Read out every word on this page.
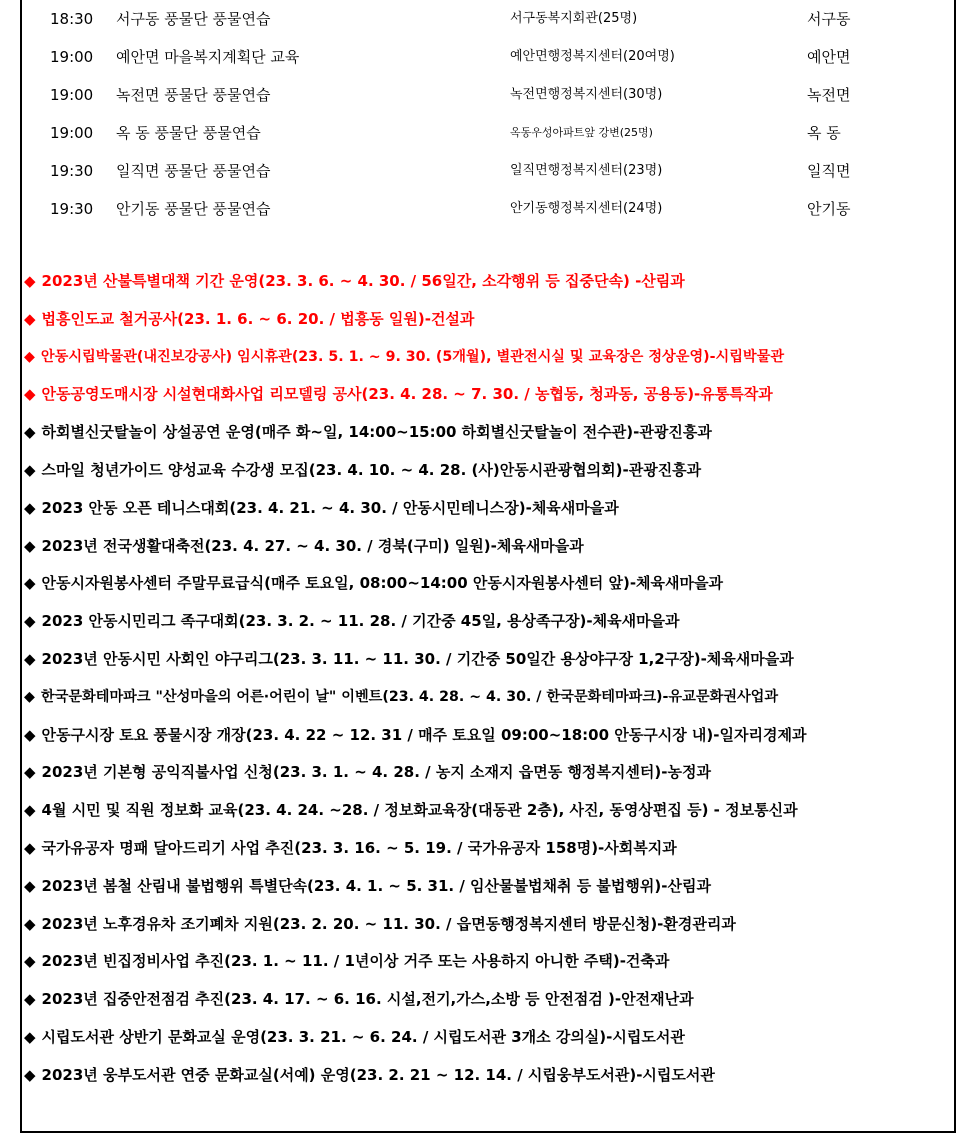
18:30 서구동 풍물단 풍물연습	서구동복지회관(25명)	서구동
19:00 예안면 마을복지계획단 교육	예안면행정복지센터(20여명)	예안면
19:00 녹전면 풍물단 풍물연습	녹전면행정복지센터(30명)	녹전면
19:00 옥 동 풍물단 풍물연습	옥동우성아파트앞 강변(25명)	옥 동
19:30 일직면 풍물단 풍물연습	일직면행정복지센터(23명)	일직면
19:30 안기동 풍물단 풍물연습	안기동행정복지센터(24명)	안기동
◆ 2023년 산불특별대책 기간 운영(23. 3. 6. ~ 4. 30. / 56일간, 소각행위 등 집중단속) -산림과
◆ 법흥인도교 철거공사(23. 1. 6. ~ 6. 20. / 법흥동 일원)-건설과
◆ 안동시립박물관(내진보강공사) 임시휴관(23. 5. 1. ~ 9. 30. (5개월), 별관전시실 및 교육장은 정상운영)-시립박물관
◆ 안동공영도매시장 시설현대화사업 리모델링 공사(23. 4. 28. ~ 7. 30. / 농협동, 청과동, 공용동)-유통특작과
◆ 하회별신굿탈놀이 상설공연 운영(매주 화~일, 14:00~15:00 하회별신굿탈놀이 전수관)-관광진흥과
◆ 스마일 청년가이드 양성교육 수강생 모집(23. 4. 10. ~ 4. 28. (사)안동시관광협의회)-관광진흥과
◆ 2023 안동 오픈 테니스대회(23. 4. 21. ~ 4. 30. / 안동시민테니스장)-체육새마을과
◆ 2023년 전국생활대축전(23. 4. 27. ~ 4. 30. / 경북(구미) 일원)-체육새마을과
◆ 안동시자원봉사센터 주말무료급식(매주 토요일, 08:00~14:00 안동시자원봉사센터 앞)-체육새마을과
◆ 2023 안동시민리그 족구대회(23. 3. 2. ~ 11. 28. / 기간중 45일, 용상족구장)-체육새마을과
◆ 2023년 안동시민 사회인 야구리그(23. 3. 11. ~ 11. 30. / 기간중 50일간 용상야구장 1,2구장)-체육새마을과
◆ 한국문화테마파크 "산성마을의 어른·어린이 날" 이벤트(23. 4. 28. ~ 4. 30. / 한국문화테마파크)-유교문화권사업과
◆ 안동구시장 토요 풍물시장 개장(23. 4. 22 ~ 12. 31 / 매주 토요일 09:00~18:00 안동구시장 내)-일자리경제과
◆ 2023년 기본형 공익직불사업 신청(23. 3. 1. ~ 4. 28. / 농지 소재지 읍면동 행정복지센터)-농정과
◆ 4월 시민 및 직원 정보화 교육(23. 4. 24. ~28. / 정보화교육장(대동관 2층), 사진, 동영상편집 등) - 정보통신과
◆ 국가유공자 명패 달아드리기 사업 추진(23. 3. 16. ~ 5. 19. / 국가유공자 158명)-사회복지과
◆ 2023년 봄철 산림내 불법행위 특별단속(23. 4. 1. ~ 5. 31. / 임산물불법채취 등 불법행위)-산림과
◆ 2023년 노후경유차 조기폐차 지원(23. 2. 20. ~ 11. 30. / 읍면동행정복지센터 방문신청)-환경관리과
◆ 2023년 빈집정비사업 추진(23. 1. ~ 11. / 1년이상 거주 또는 사용하지 아니한 주택)-건축과
◆ 2023년 집중안전점검 추진(23. 4. 17. ~ 6. 16. 시설,전기,가스,소방 등 안전점검 )-안전재난과
◆ 시립도서관 상반기 문화교실 운영(23. 3. 21. ~ 6. 24. / 시립도서관 3개소 강의실)-시립도서관
◆ 2023년 웅부도서관 연중 문화교실(서예) 운영(23. 2. 21 ~ 12. 14. / 시립웅부도서관)-시립도서관
